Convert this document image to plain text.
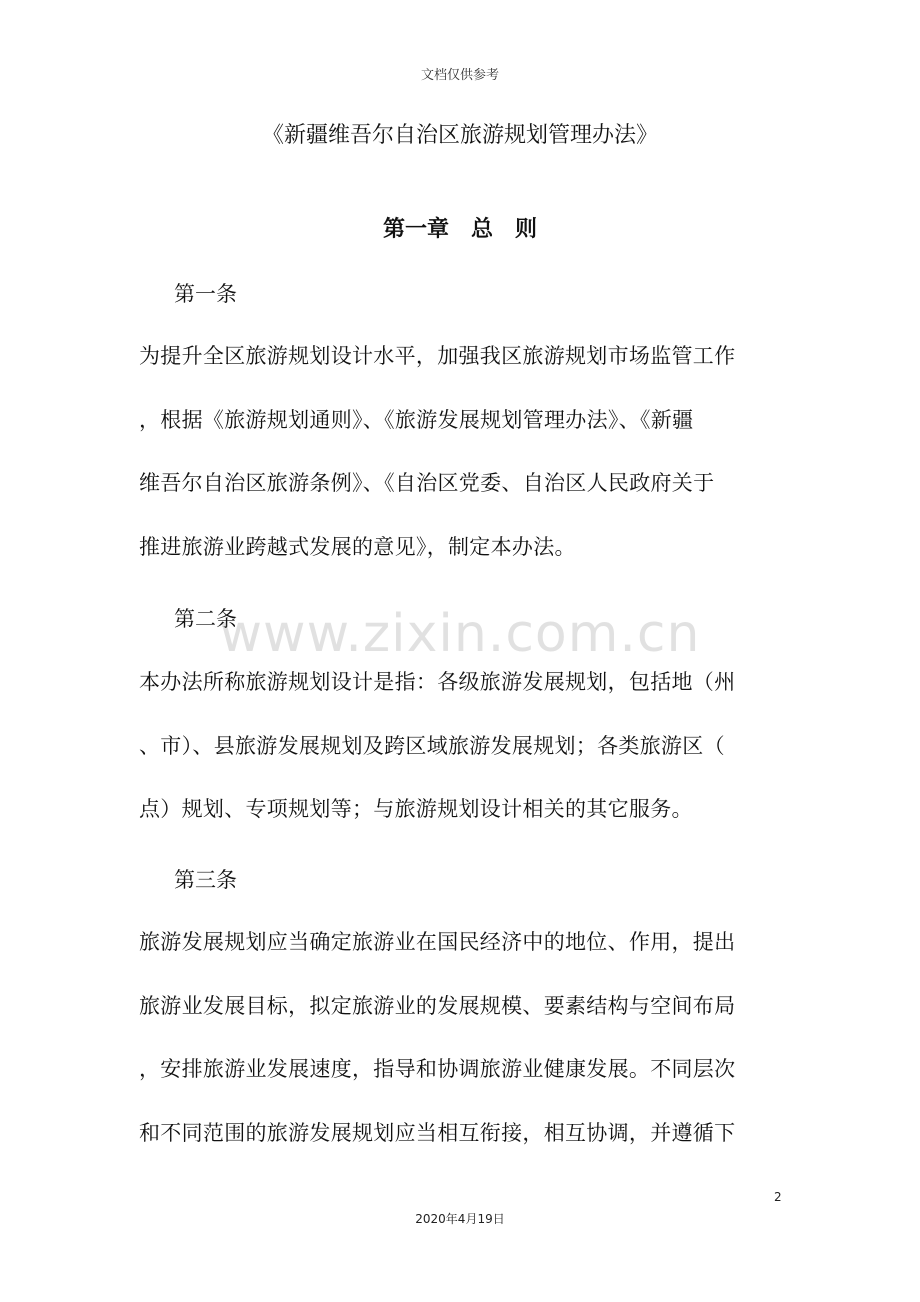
文档仅供参考
《新疆维吾尔自治区旅游规划管理办法》
第一章　总　则
第一条
为提升全区旅游规划设计水平，加强我区旅游规划市场监管工作
，根据《旅游规划通则》、《旅游发展规划管理办法》、《新疆
维吾尔自治区旅游条例》、《自治区党委、自治区人民政府关于
推进旅游业跨越式发展的意见》，制定本办法。
第二条
本办法所称旅游规划设计是指：各级旅游发展规划，包括地（州
、市）、县旅游发展规划及跨区域旅游发展规划；各类旅游区（
点）规划、专项规划等；与旅游规划设计相关的其它服务。
第三条
旅游发展规划应当确定旅游业在国民经济中的地位、作用，提出
旅游业发展目标，拟定旅游业的发展规模、要素结构与空间布局
，安排旅游业发展速度，指导和协调旅游业健康发展。不同层次
和不同范围的旅游发展规划应当相互衔接，相互协调，并遵循下
www.zixin.com.cn
2
2020年4月19日
